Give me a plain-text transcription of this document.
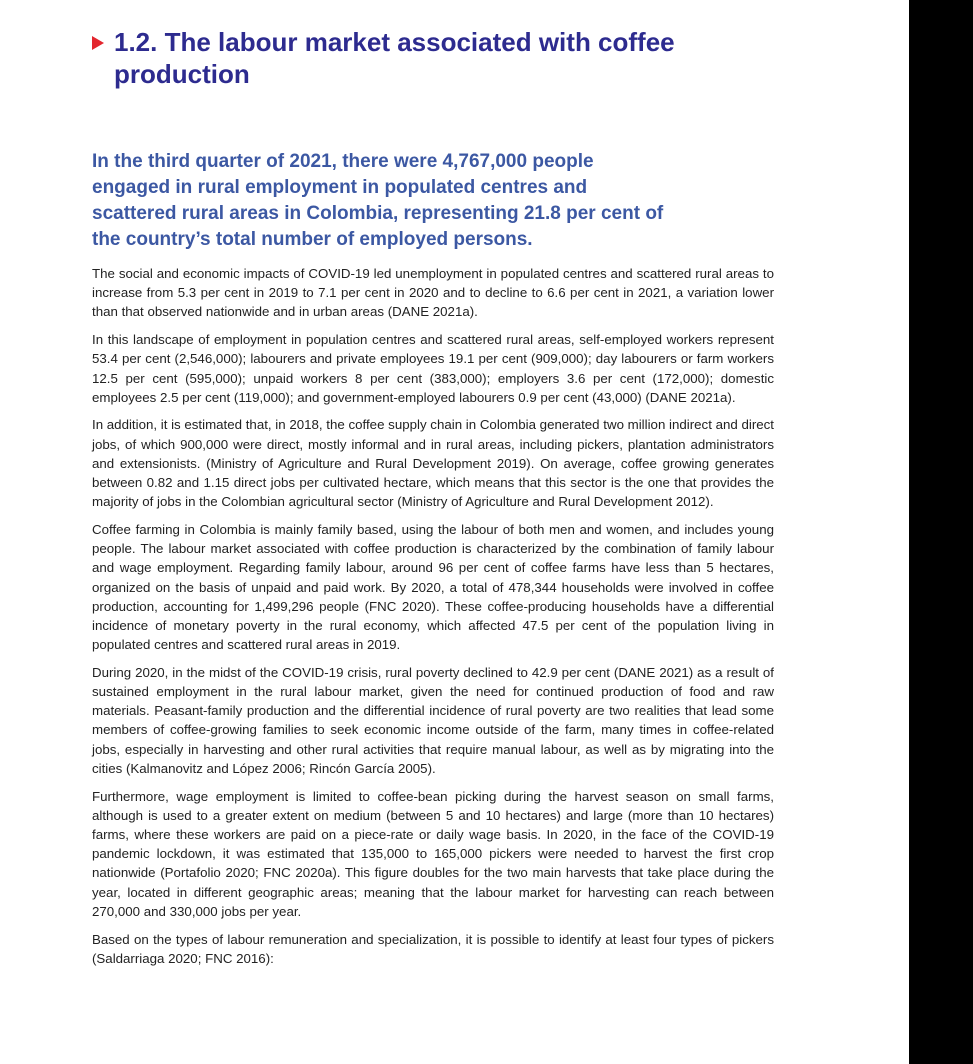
1.2. The labour market associated with coffee production
In the third quarter of 2021, there were 4,767,000 people engaged in rural employment in populated centres and scattered rural areas in Colombia, representing 21.8 per cent of the country’s total number of employed persons.

The social and economic impacts of COVID-19 led unemployment in populated centres and scattered rural areas to increase from 5.3 per cent in 2019 to 7.1 per cent in 2020 and to decline to 6.6 per cent in 2021, a variation lower than that observed nationwide and in urban areas (DANE 2021a).

In this landscape of employment in population centres and scattered rural areas, self-employed workers represent 53.4 per cent (2,546,000); labourers and private employees 19.1 per cent (909,000); day labourers or farm workers 12.5 per cent (595,000); unpaid workers 8 per cent (383,000); employers 3.6 per cent (172,000); domestic employees 2.5 per cent (119,000); and government-employed labourers 0.9 per cent (43,000) (DANE 2021a).

In addition, it is estimated that, in 2018, the coffee supply chain in Colombia generated two million indirect and direct jobs, of which 900,000 were direct, mostly informal and in rural areas, including pickers, plantation administrators and extensionists. (Ministry of Agriculture and Rural Development 2019). On average, coffee growing generates between 0.82 and 1.15 direct jobs per cultivated hectare, which means that this sector is the one that provides the majority of jobs in the Colombian agricultural sector (Ministry of Agriculture and Rural Development 2012).

Coffee farming in Colombia is mainly family based, using the labour of both men and women, and includes young people. The labour market associated with coffee production is characterized by the combination of family labour and wage employment. Regarding family labour, around 96 per cent of coffee farms have less than 5 hectares, organized on the basis of unpaid and paid work. By 2020, a total of 478,344 households were involved in coffee production, accounting for 1,499,296 people (FNC 2020). These coffee-producing households have a differential incidence of monetary poverty in the rural economy, which affected 47.5 per cent of the population living in populated centres and scattered rural areas in 2019.

During 2020, in the midst of the COVID-19 crisis, rural poverty declined to 42.9 per cent (DANE 2021) as a result of sustained employment in the rural labour market, given the need for continued production of food and raw materials. Peasant-family production and the differential incidence of rural poverty are two realities that lead some members of coffee-growing families to seek economic income outside of the farm, many times in coffee-related jobs, especially in harvesting and other rural activities that require manual labour, as well as by migrating into the cities (Kalmanovitz and López 2006; Rincón García 2005).

Furthermore, wage employment is limited to coffee-bean picking during the harvest season on small farms, although is used to a greater extent on medium (between 5 and 10 hectares) and large (more than 10 hectares) farms, where these workers are paid on a piece-rate or daily wage basis. In 2020, in the face of the COVID-19 pandemic lockdown, it was estimated that 135,000 to 165,000 pickers were needed to harvest the first crop nationwide (Portafolio 2020; FNC 2020a). This figure doubles for the two main harvests that take place during the year, located in different geographic areas; meaning that the labour market for harvesting can reach between 270,000 and 330,000 jobs per year.

Based on the types of labour remuneration and specialization, it is possible to identify at least four types of pickers (Saldarriaga 2020; FNC 2016):
